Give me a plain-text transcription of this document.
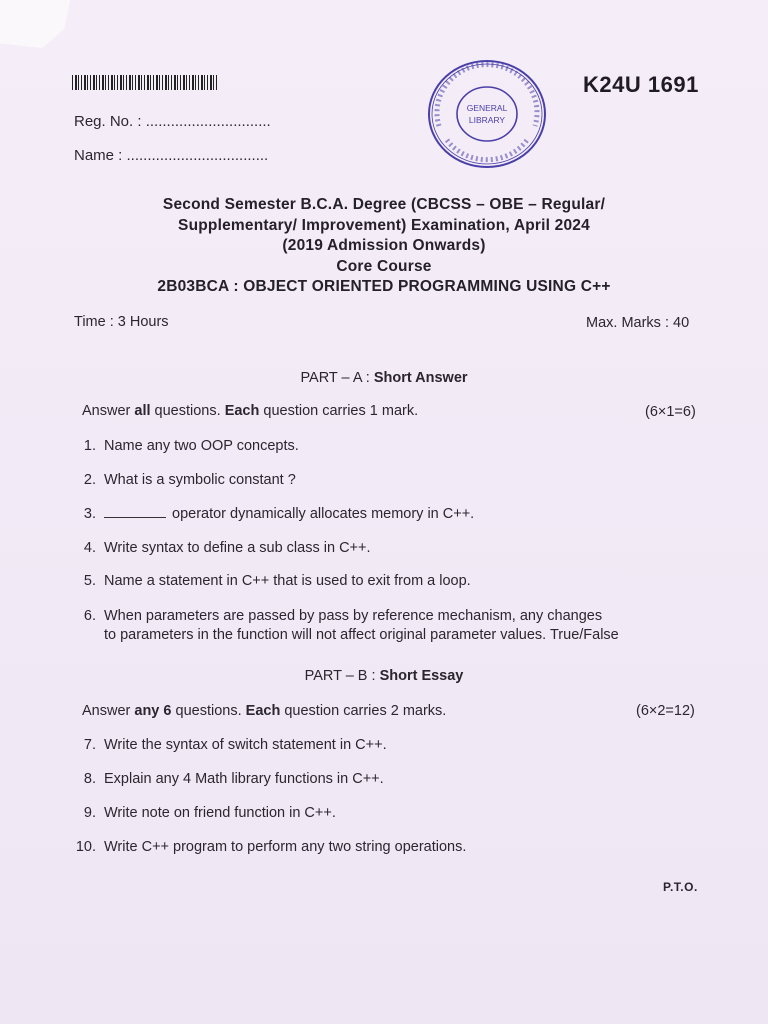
K24U 1691
Reg. No. : ..............................
Name : ..................................
GENERAL
LIBRARY
Second Semester B.C.A. Degree (CBCSS – OBE – Regular/
Supplementary/ Improvement) Examination, April 2024
(2019 Admission Onwards)
Core Course
2B03BCA : OBJECT ORIENTED PROGRAMMING USING C++
Time : 3 Hours	Max. Marks : 40
PART – A : Short Answer
Answer all questions. Each question carries 1 mark.	(6×1=6)
1. Name any two OOP concepts.
2. What is a symbolic constant ?
3.	operator dynamically allocates memory in C++.
4. Write syntax to define a sub class in C++.
5. Name a statement in C++ that is used to exit from a loop.
6. When parameters are passed by pass by reference mechanism, any changes
to parameters in the function will not affect original parameter values. True/False
PART – B : Short Essay
Answer any 6 questions. Each question carries 2 marks.	(6×2=12)
7. Write the syntax of switch statement in C++.
8. Explain any 4 Math library functions in C++.
9. Write note on friend function in C++.
10. Write C++ program to perform any two string operations.
P.T.O.
